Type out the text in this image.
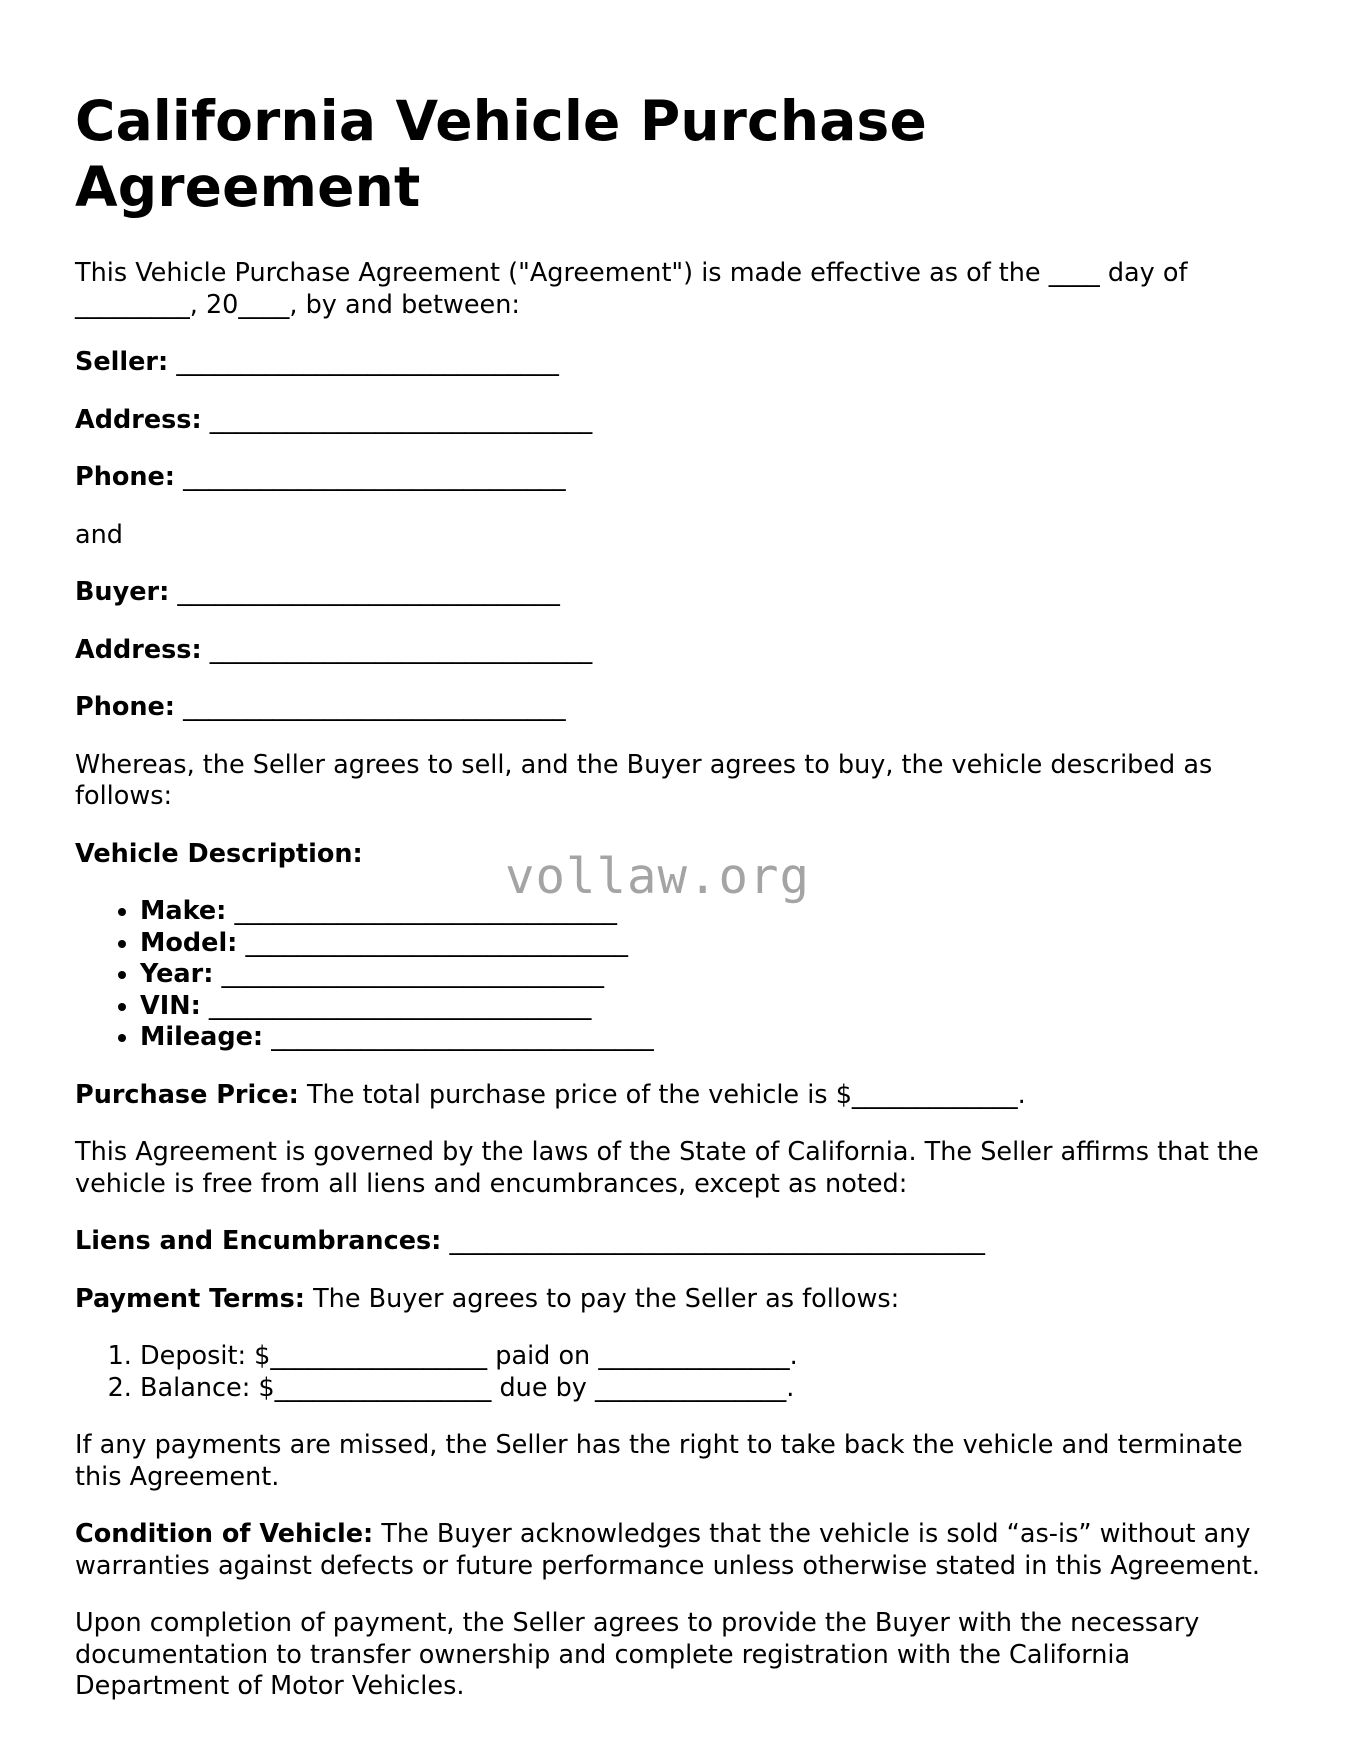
California Vehicle Purchase Agreement

This Vehicle Purchase Agreement ("Agreement") is made effective as of the ____ day of
_________, 20____, by and between:

Seller: ______________________________

Address: ______________________________

Phone: ______________________________

and

Buyer: ______________________________

Address: ______________________________

Phone: ______________________________

Whereas, the Seller agrees to sell, and the Buyer agrees to buy, the vehicle described as follows:

Vehicle Description:

• Make: ______________________________
• Model: ______________________________
• Year: ______________________________
• VIN: ______________________________
• Mileage: ______________________________

Purchase Price: The total purchase price of the vehicle is $_____________.

This Agreement is governed by the laws of the State of California. The Seller affirms that the vehicle is free from all liens and encumbrances, except as noted:

Liens and Encumbrances: __________________________________________

Payment Terms: The Buyer agrees to pay the Seller as follows:

1. Deposit: $_________________ paid on _______________.
2. Balance: $_________________ due by _______________.

If any payments are missed, the Seller has the right to take back the vehicle and terminate this Agreement.

Condition of Vehicle: The Buyer acknowledges that the vehicle is sold “as-is” without any warranties against defects or future performance unless otherwise stated in this Agreement.

Upon completion of payment, the Seller agrees to provide the Buyer with the necessary documentation to transfer ownership and complete registration with the California Department of Motor Vehicles.

vollaw.org
